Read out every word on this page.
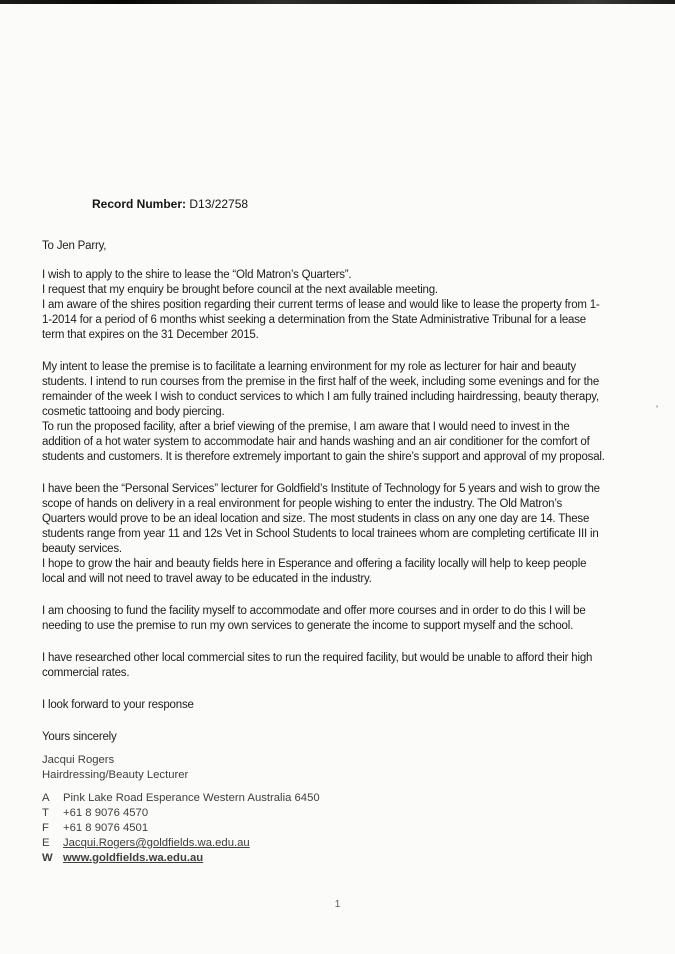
Record Number: D13/22758
To Jen Parry,
I wish to apply to the shire to lease the “Old Matron’s Quarters”.
I request that my enquiry be brought before council at the next available meeting.
I am aware of the shires position regarding their current terms of lease and would like to lease the property from 1-
1-2014 for a period of 6 months whist seeking a determination from the State Administrative Tribunal for a lease
term that expires on the 31 December 2015.
My intent to lease the premise is to facilitate a learning environment for my role as lecturer for hair and beauty
students. I intend to run courses from the premise in the first half of the week, including some evenings and for the
remainder of the week I wish to conduct services to which I am fully trained including hairdressing, beauty therapy,
cosmetic tattooing and body piercing.
To run the proposed facility, after a brief viewing of the premise, I am aware that I would need to invest in the
addition of a hot water system to accommodate hair and hands washing and an air conditioner for the comfort of
students and customers. It is therefore extremely important to gain the shire’s support and approval of my proposal.
I have been the “Personal Services” lecturer for Goldfield’s Institute of Technology for 5 years and wish to grow the
scope of hands on delivery in a real environment for people wishing to enter the industry. The Old Matron’s
Quarters would prove to be an ideal location and size. The most students in class on any one day are 14. These
students range from year 11 and 12s Vet in School Students to local trainees whom are completing certificate III in
beauty services.
I hope to grow the hair and beauty fields here in Esperance and offering a facility locally will help to keep people
local and will not need to travel away to be educated in the industry.
I am choosing to fund the facility myself to accommodate and offer more courses and in order to do this I will be
needing to use the premise to run my own services to generate the income to support myself and the school.
I have researched other local commercial sites to run the required facility, but would be unable to afford their high
commercial rates.
I look forward to your response
Yours sincerely
Jacqui Rogers
Hairdressing/Beauty Lecturer
A	Pink Lake Road Esperance Western Australia 6450
T	+61 8 9076 4570
F	+61 8 9076 4501
E	Jacqui.Rogers@goldfields.wa.edu.au
W www.goldfields.wa.edu.au
‘
1
